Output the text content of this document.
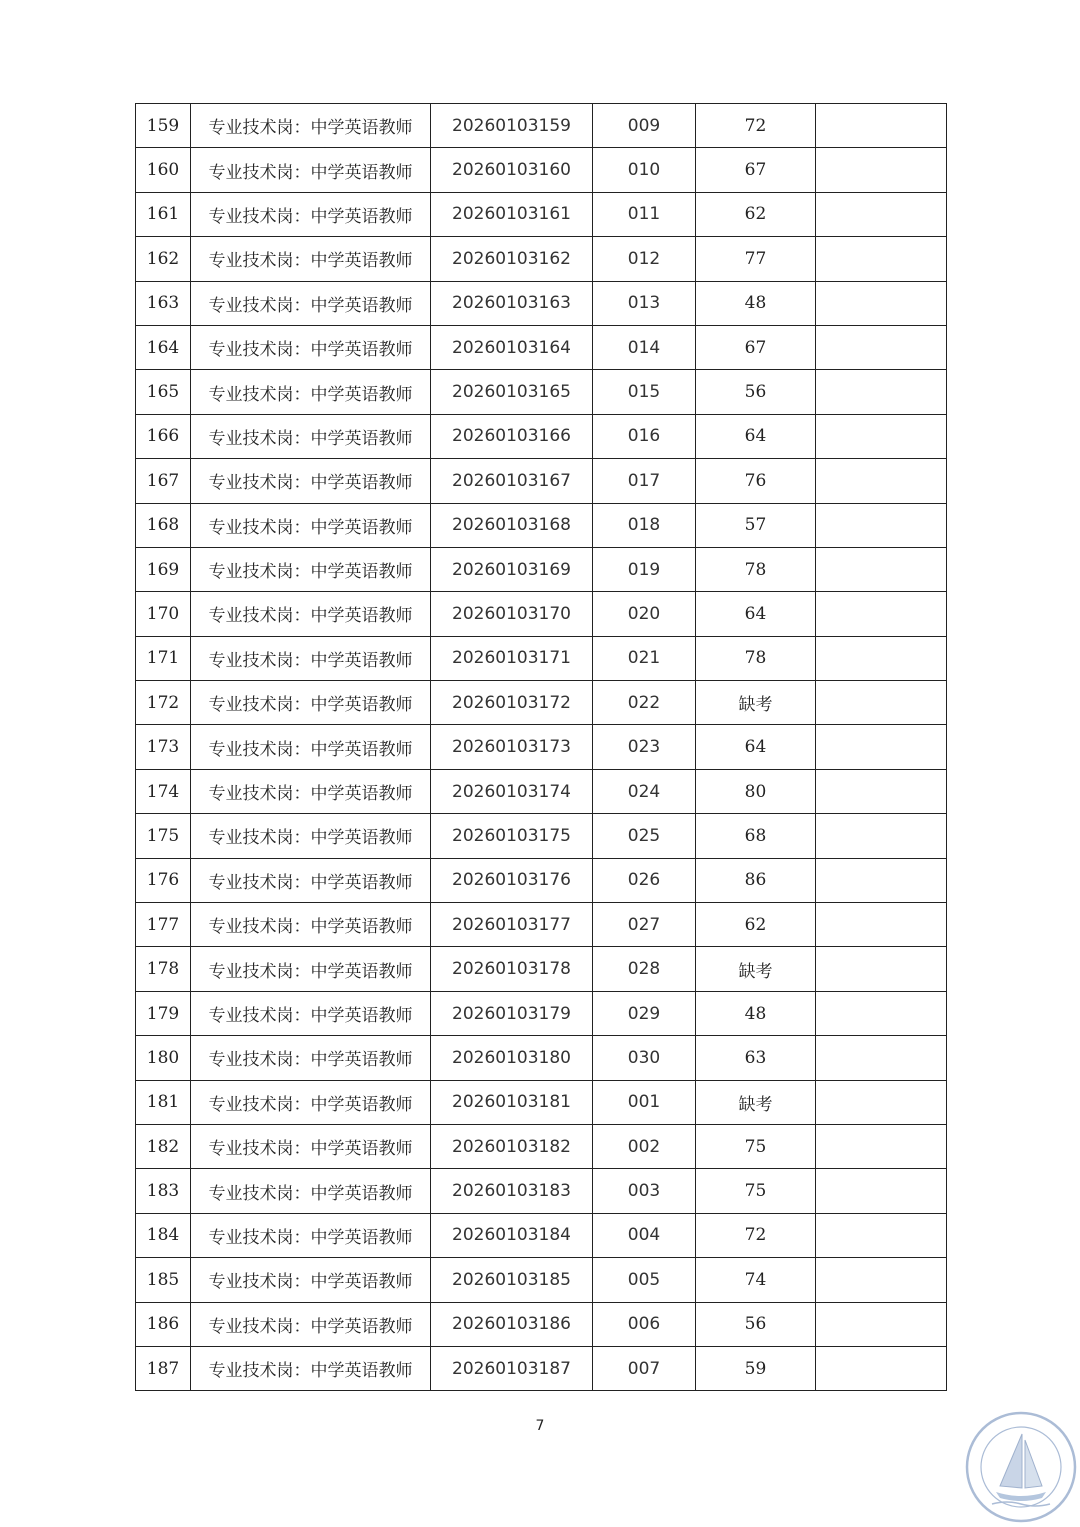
159	专业技术岗：中学英语教师	20260103159	009	72	
160	专业技术岗：中学英语教师	20260103160	010	67	
161	专业技术岗：中学英语教师	20260103161	011	62	
162	专业技术岗：中学英语教师	20260103162	012	77	
163	专业技术岗：中学英语教师	20260103163	013	48	
164	专业技术岗：中学英语教师	20260103164	014	67	
165	专业技术岗：中学英语教师	20260103165	015	56	
166	专业技术岗：中学英语教师	20260103166	016	64	
167	专业技术岗：中学英语教师	20260103167	017	76	
168	专业技术岗：中学英语教师	20260103168	018	57	
169	专业技术岗：中学英语教师	20260103169	019	78	
170	专业技术岗：中学英语教师	20260103170	020	64	
171	专业技术岗：中学英语教师	20260103171	021	78	
172	专业技术岗：中学英语教师	20260103172	022	缺考	
173	专业技术岗：中学英语教师	20260103173	023	64	
174	专业技术岗：中学英语教师	20260103174	024	80	
175	专业技术岗：中学英语教师	20260103175	025	68	
176	专业技术岗：中学英语教师	20260103176	026	86	
177	专业技术岗：中学英语教师	20260103177	027	62	
178	专业技术岗：中学英语教师	20260103178	028	缺考	
179	专业技术岗：中学英语教师	20260103179	029	48	
180	专业技术岗：中学英语教师	20260103180	030	63	
181	专业技术岗：中学英语教师	20260103181	001	缺考	
182	专业技术岗：中学英语教师	20260103182	002	75	
183	专业技术岗：中学英语教师	20260103183	003	75	
184	专业技术岗：中学英语教师	20260103184	004	72	
185	专业技术岗：中学英语教师	20260103185	005	74	
186	专业技术岗：中学英语教师	20260103186	006	56	
187	专业技术岗：中学英语教师	20260103187	007	59	
7
